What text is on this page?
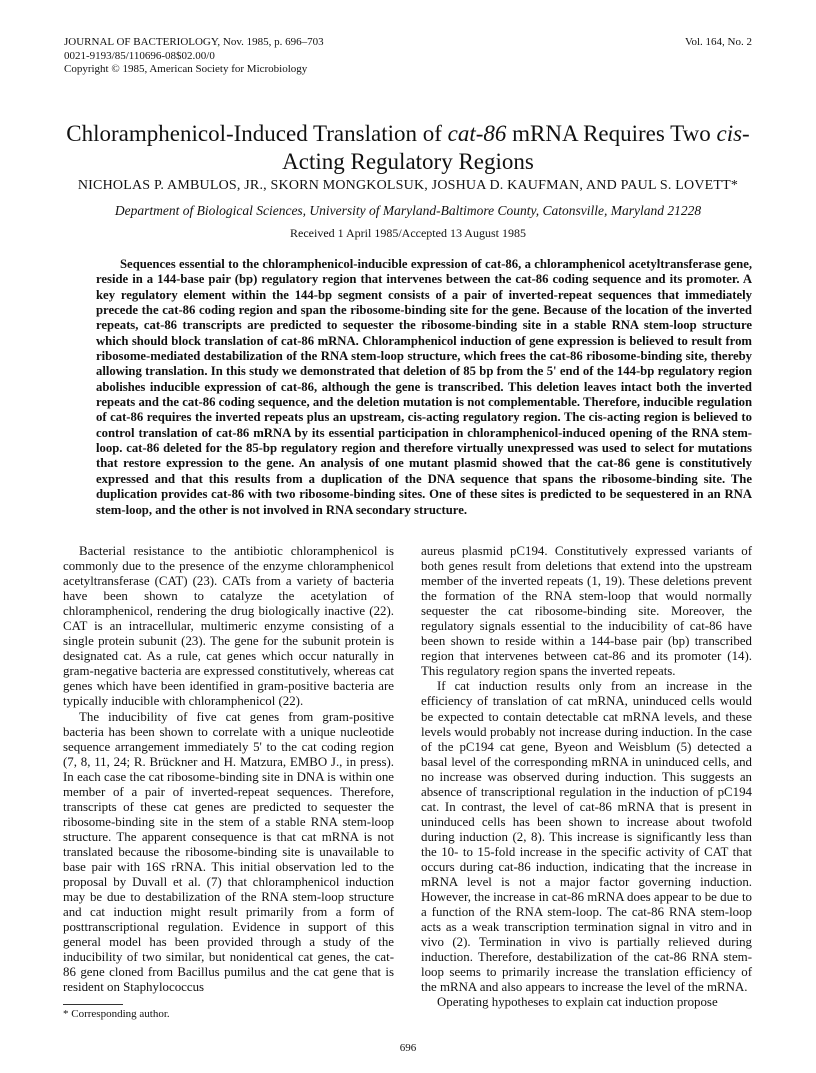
JOURNAL OF BACTERIOLOGY, Nov. 1985, p. 696–703
0021-9193/85/110696-08$02.00/0
Copyright © 1985, American Society for Microbiology
Vol. 164, No. 2
Chloramphenicol-Induced Translation of cat-86 mRNA Requires Two cis-Acting Regulatory Regions
NICHOLAS P. AMBULOS, JR., SKORN MONGKOLSUK, JOSHUA D. KAUFMAN, AND PAUL S. LOVETT*
Department of Biological Sciences, University of Maryland-Baltimore County, Catonsville, Maryland 21228
Received 1 April 1985/Accepted 13 August 1985
Sequences essential to the chloramphenicol-inducible expression of cat-86, a chloramphenicol acetyltransferase gene, reside in a 144-base pair (bp) regulatory region that intervenes between the cat-86 coding sequence and its promoter. A key regulatory element within the 144-bp segment consists of a pair of inverted-repeat sequences that immediately precede the cat-86 coding region and span the ribosome-binding site for the gene. Because of the location of the inverted repeats, cat-86 transcripts are predicted to sequester the ribosome-binding site in a stable RNA stem-loop structure which should block translation of cat-86 mRNA. Chloramphenicol induction of gene expression is believed to result from ribosome-mediated destabilization of the RNA stem-loop structure, which frees the cat-86 ribosome-binding site, thereby allowing translation. In this study we demonstrated that deletion of 85 bp from the 5' end of the 144-bp regulatory region abolishes inducible expression of cat-86, although the gene is transcribed. This deletion leaves intact both the inverted repeats and the cat-86 coding sequence, and the deletion mutation is not complementable. Therefore, inducible regulation of cat-86 requires the inverted repeats plus an upstream, cis-acting regulatory region. The cis-acting region is believed to control translation of cat-86 mRNA by its essential participation in chloramphenicol-induced opening of the RNA stem-loop. cat-86 deleted for the 85-bp regulatory region and therefore virtually unexpressed was used to select for mutations that restore expression to the gene. An analysis of one mutant plasmid showed that the cat-86 gene is constitutively expressed and that this results from a duplication of the DNA sequence that spans the ribosome-binding site. The duplication provides cat-86 with two ribosome-binding sites. One of these sites is predicted to be sequestered in an RNA stem-loop, and the other is not involved in RNA secondary structure.

Bacterial resistance to the antibiotic chloramphenicol is commonly due to the presence of the enzyme chloramphenicol acetyltransferase (CAT) (23). CATs from a variety of bacteria have been shown to catalyze the acetylation of chloramphenicol, rendering the drug biologically inactive (22). CAT is an intracellular, multimeric enzyme consisting of a single protein subunit (23). The gene for the subunit protein is designated cat. As a rule, cat genes which occur naturally in gram-negative bacteria are expressed constitutively, whereas cat genes which have been identified in gram-positive bacteria are typically inducible with chloramphenicol (22).

The inducibility of five cat genes from gram-positive bacteria has been shown to correlate with a unique nucleotide sequence arrangement immediately 5' to the cat coding region (7, 8, 11, 24; R. Brückner and H. Matzura, EMBO J., in press). In each case the cat ribosome-binding site in DNA is within one member of a pair of inverted-repeat sequences. Therefore, transcripts of these cat genes are predicted to sequester the ribosome-binding site in the stem of a stable RNA stem-loop structure. The apparent consequence is that cat mRNA is not translated because the ribosome-binding site is unavailable to base pair with 16S rRNA. This initial observation led to the proposal by Duvall et al. (7) that chloramphenicol induction may be due to destabilization of the RNA stem-loop structure and cat induction might result primarily from a form of posttranscriptional regulation. Evidence in support of this general model has been provided through a study of the inducibility of two similar, but nonidentical cat genes, the cat-86 gene cloned from Bacillus pumilus and the cat gene that is resident on Staphylococcus

aureus plasmid pC194. Constitutively expressed variants of both genes result from deletions that extend into the upstream member of the inverted repeats (1, 19). These deletions prevent the formation of the RNA stem-loop that would normally sequester the cat ribosome-binding site. Moreover, the regulatory signals essential to the inducibility of cat-86 have been shown to reside within a 144-base pair (bp) transcribed region that intervenes between cat-86 and its promoter (14). This regulatory region spans the inverted repeats.

If cat induction results only from an increase in the efficiency of translation of cat mRNA, uninduced cells would be expected to contain detectable cat mRNA levels, and these levels would probably not increase during induction. In the case of the pC194 cat gene, Byeon and Weisblum (5) detected a basal level of the corresponding mRNA in uninduced cells, and no increase was observed during induction. This suggests an absence of transcriptional regulation in the induction of pC194 cat. In contrast, the level of cat-86 mRNA that is present in uninduced cells has been shown to increase about twofold during induction (2, 8). This increase is significantly less than the 10- to 15-fold increase in the specific activity of CAT that occurs during cat-86 induction, indicating that the increase in mRNA level is not a major factor governing induction. However, the increase in cat-86 mRNA does appear to be due to a function of the RNA stem-loop. The cat-86 RNA stem-loop acts as a weak transcription termination signal in vitro and in vivo (2). Termination in vivo is partially relieved during induction. Therefore, destabilization of the cat-86 RNA stem-loop seems to primarily increase the translation efficiency of the mRNA and also appears to increase the level of the mRNA.

Operating hypotheses to explain cat induction propose

* Corresponding author.
696
